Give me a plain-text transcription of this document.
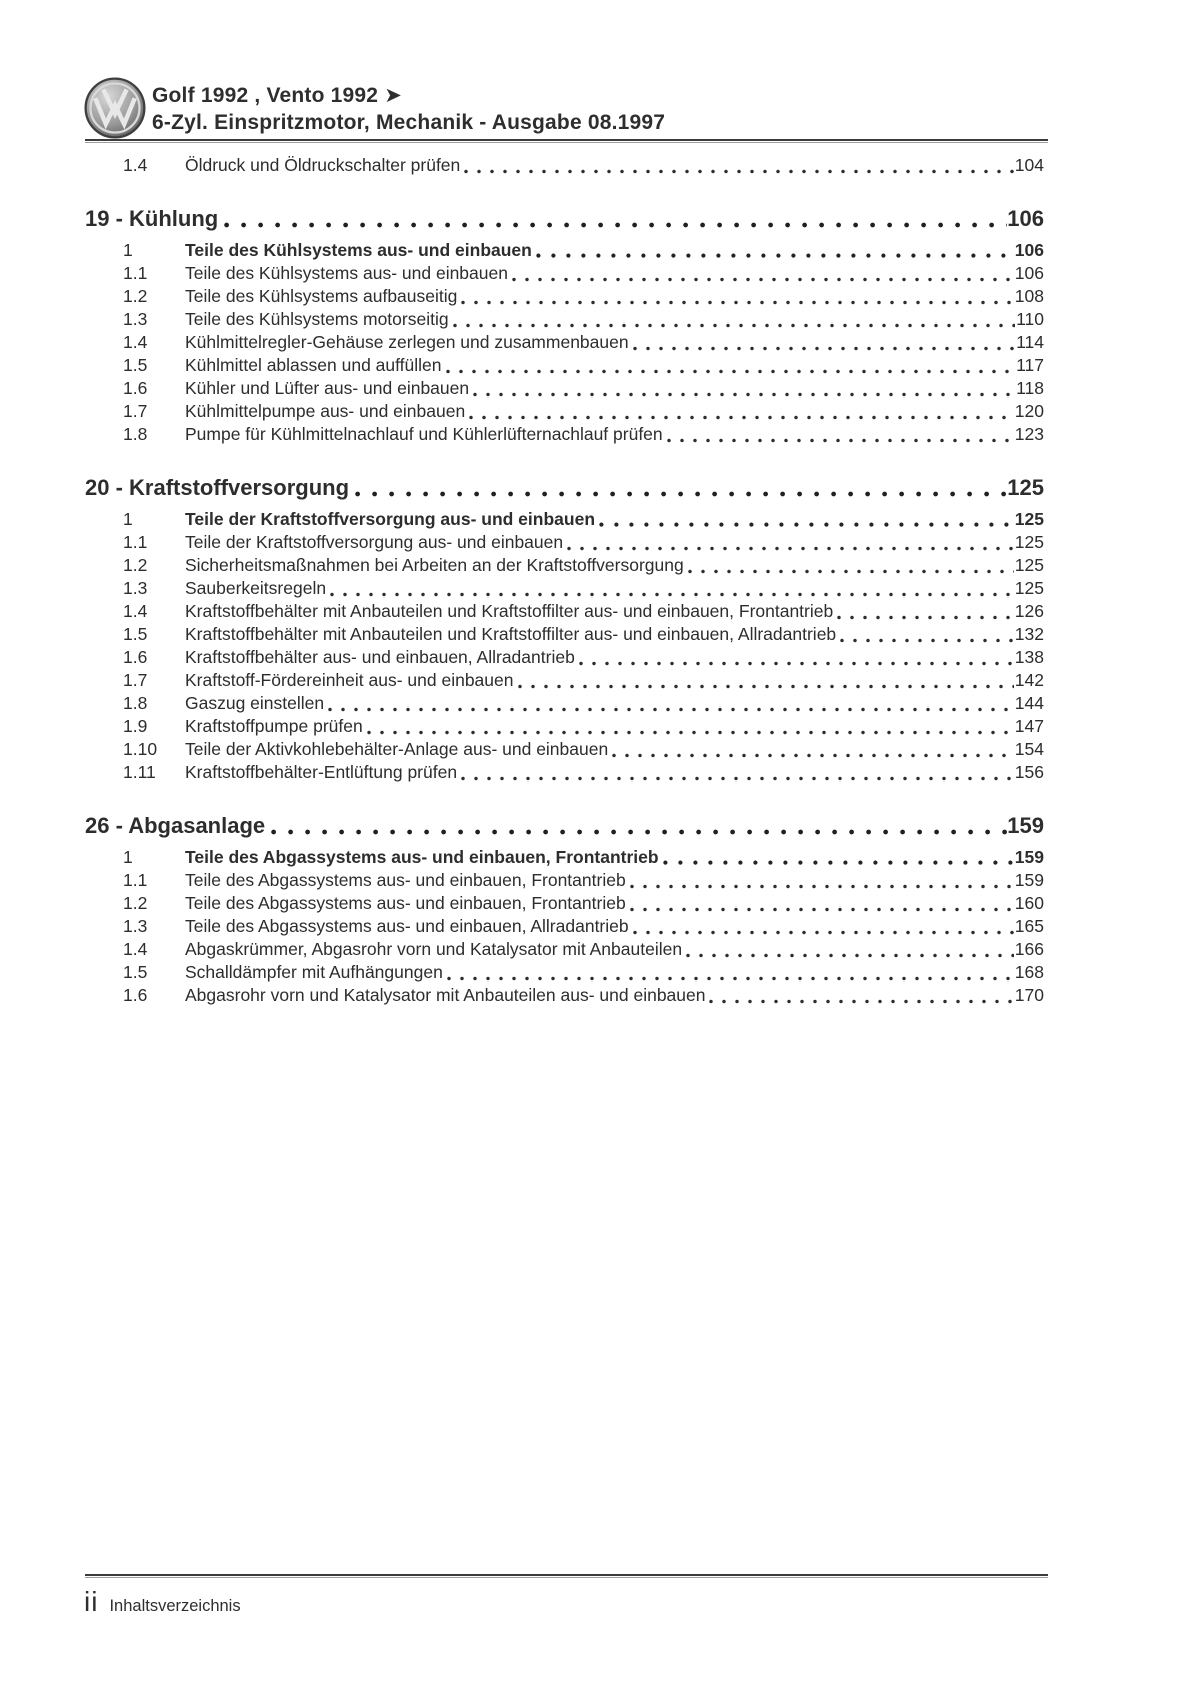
Golf 1992 , Vento 1992 ➤
6-Zyl. Einspritzmotor, Mechanik - Ausgabe 08.1997
1.4	Öldruck und Öldruckschalter prüfen	104
19 - Kühlung	106
1	Teile des Kühlsystems aus- und einbauen	106
1.1	Teile des Kühlsystems aus- und einbauen	106
1.2	Teile des Kühlsystems aufbauseitig	108
1.3	Teile des Kühlsystems motorseitig	110
1.4	Kühlmittelregler-Gehäuse zerlegen und zusammenbauen	114
1.5	Kühlmittel ablassen und auffüllen	117
1.6	Kühler und Lüfter aus- und einbauen	118
1.7	Kühlmittelpumpe aus- und einbauen	120
1.8	Pumpe für Kühlmittelnachlauf und Kühlerlüfternachlauf prüfen	123
20 - Kraftstoffversorgung	125
1	Teile der Kraftstoffversorgung aus- und einbauen	125
1.1	Teile der Kraftstoffversorgung aus- und einbauen	125
1.2	Sicherheitsmaßnahmen bei Arbeiten an der Kraftstoffversorgung	125
1.3	Sauberkeitsregeln	125
1.4	Kraftstoffbehälter mit Anbauteilen und Kraftstoffilter aus- und einbauen, Frontantrieb	126
1.5	Kraftstoffbehälter mit Anbauteilen und Kraftstoffilter aus- und einbauen, Allradantrieb	132
1.6	Kraftstoffbehälter aus- und einbauen, Allradantrieb	138
1.7	Kraftstoff-Fördereinheit aus- und einbauen	142
1.8	Gaszug einstellen	144
1.9	Kraftstoffpumpe prüfen	147
1.10	Teile der Aktivkohlebehälter-Anlage aus- und einbauen	154
1.11	Kraftstoffbehälter-Entlüftung prüfen	156
26 - Abgasanlage	159
1	Teile des Abgassystems aus- und einbauen, Frontantrieb	159
1.1	Teile des Abgassystems aus- und einbauen, Frontantrieb	159
1.2	Teile des Abgassystems aus- und einbauen, Frontantrieb	160
1.3	Teile des Abgassystems aus- und einbauen, Allradantrieb	165
1.4	Abgaskrümmer, Abgasrohr vorn und Katalysator mit Anbauteilen	166
1.5	Schalldämpfer mit Aufhängungen	168
1.6	Abgasrohr vorn und Katalysator mit Anbauteilen aus- und einbauen	170
ii Inhaltsverzeichnis
